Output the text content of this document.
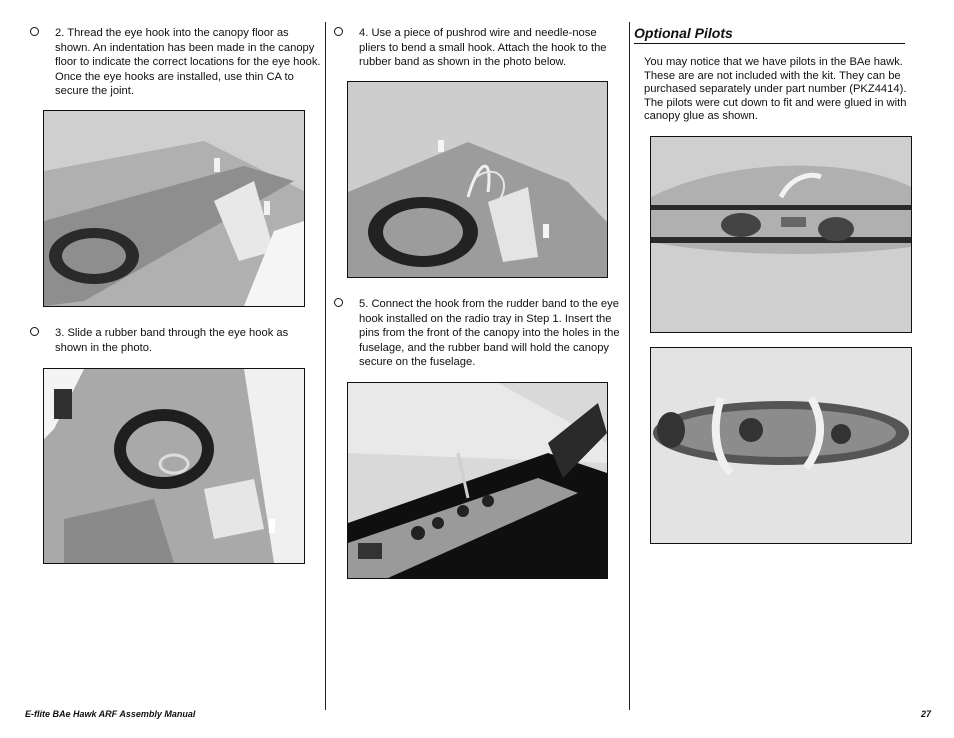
2. Thread the eye hook into the canopy floor as shown. An indentation has been made in the canopy floor to indicate the correct locations for the eye hook. Once the eye hooks are installed, use thin CA to secure the joint.
3. Slide a rubber band through the eye hook as shown in the photo.
4. Use a piece of pushrod wire and needle-nose pliers to bend a small hook. Attach the hook to the rubber band as shown in the photo below.
5. Connect the hook from the rudder band to the eye hook installed on the radio tray in Step 1. Insert the pins from the front of the canopy into the holes in the fuselage, and the rubber band will hold the canopy secure on the fuselage.
Optional Pilots
You may notice that we have pilots in the BAe hawk. These are are not included with the kit. They can be purchased separately under part number (PKZ4414). The pilots were cut down to fit and were glued in with canopy glue as shown.
E-flite BAe Hawk ARF Assembly Manual	27
